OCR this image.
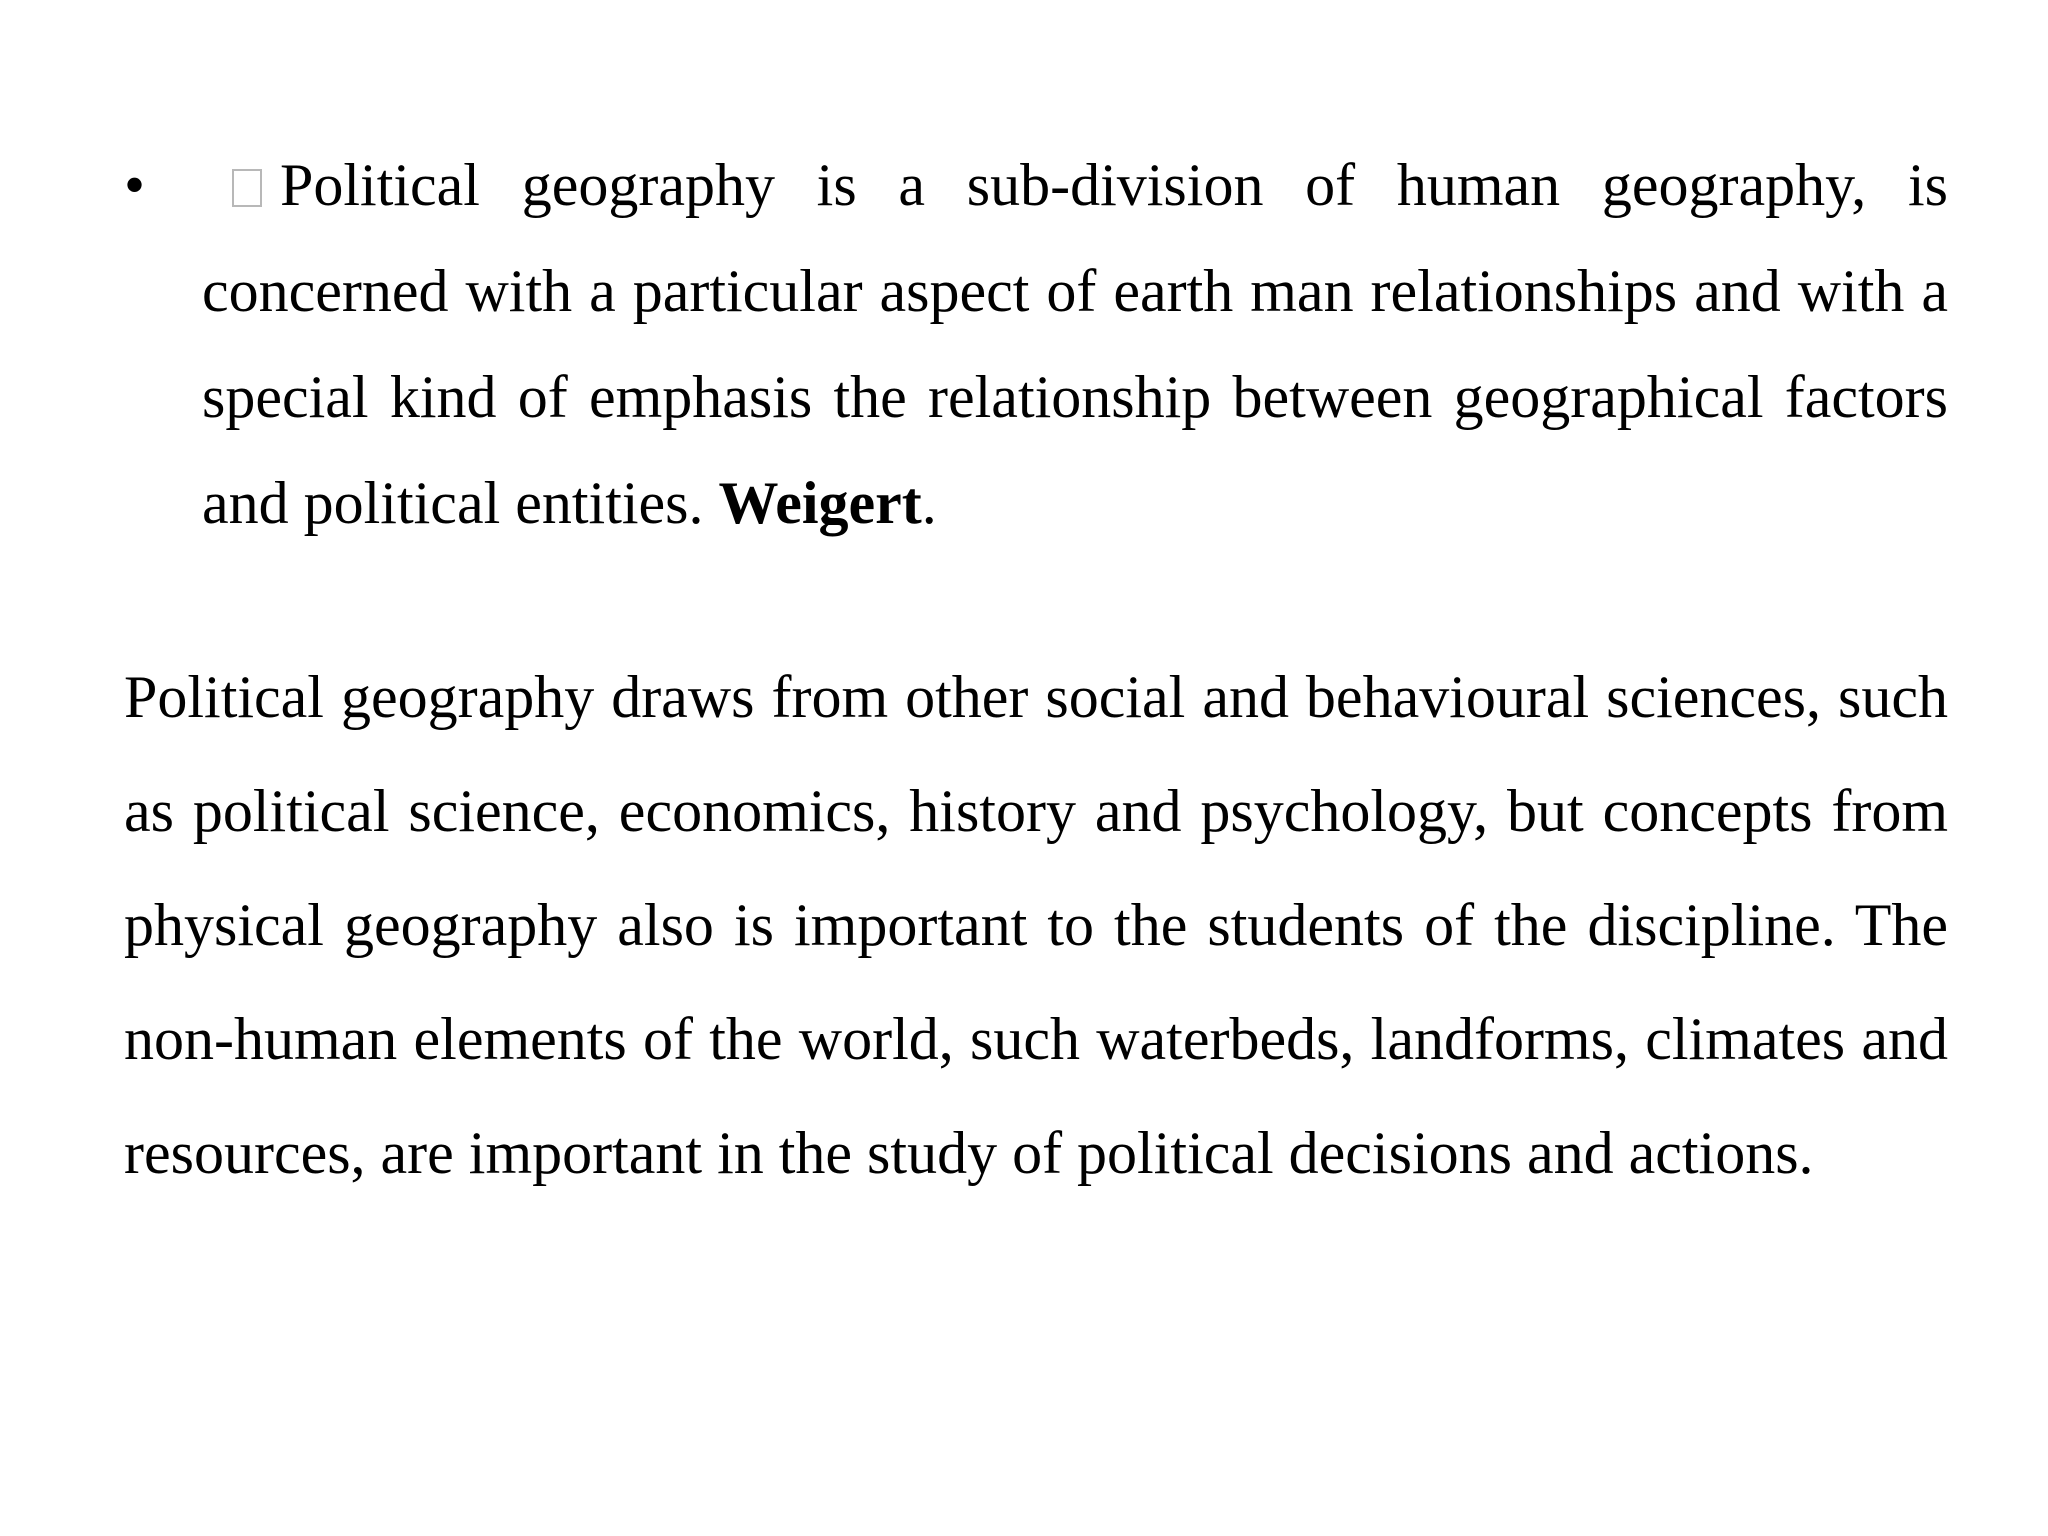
•	Political geography is a sub-division of human geography, is concerned with a particular aspect of earth man relationships and with a special kind of emphasis the relationship between geographical factors and political entities. Weigert.

Political geography draws from other social and behavioural sciences, such as political science, economics, history and psychology, but concepts from physical geography also is important to the students of the discipline. The non-human elements of the world, such waterbeds, landforms, climates and resources, are important in the study of political decisions and actions.
